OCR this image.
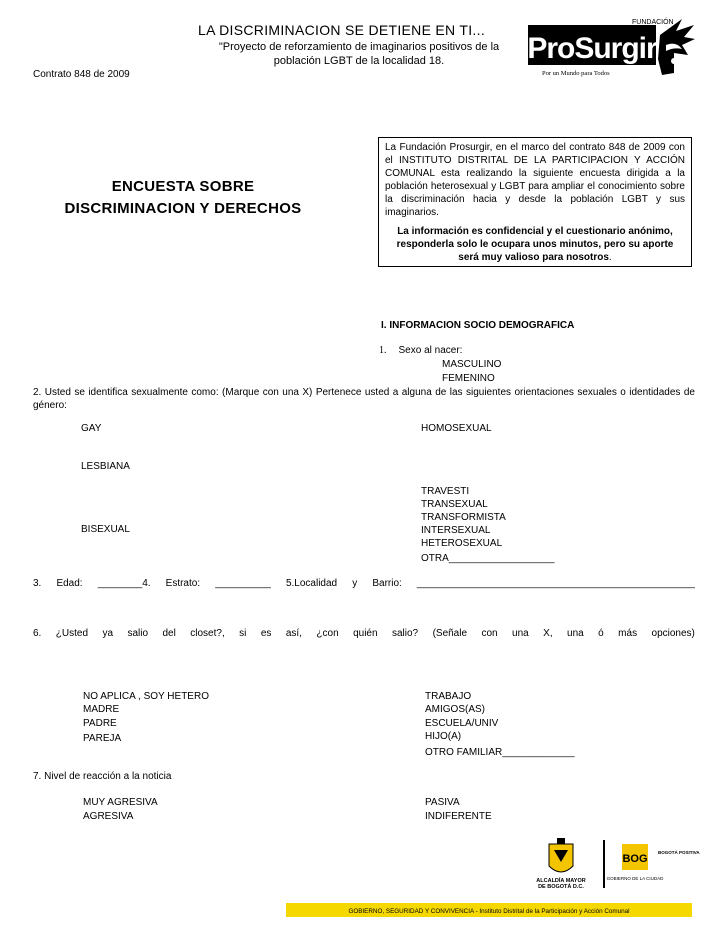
LA DISCRIMINACION SE DETIENE EN TI...
"Proyecto de reforzamiento de imaginarios positivos de la población LGBT de la localidad 18.
Contrato 848 de 2009
ProSurgir
FUNDACIÓN
Por un Mundo para Todos
ENCUESTA SOBRE
DISCRIMINACION Y DERECHOS
La Fundación Prosurgir, en el marco del contrato 848 de 2009 con el INSTITUTO DISTRITAL DE LA PARTICIPACION Y ACCIÓN COMUNAL esta realizando la siguiente encuesta dirigida a la población heterosexual y LGBT para ampliar el conocimiento sobre la discriminación hacia y desde la población LGBT y sus imaginarios.
La información es confidencial y el cuestionario anónimo, responderla solo le ocupara unos minutos, pero su aporte será muy valioso para nosotros.
I. INFORMACION SOCIO DEMOGRAFICA
1. Sexo al nacer:
MASCULINO
FEMENINO
2. Usted se identifica sexualmente como: (Marque con una X) Pertenece usted a alguna de las siguientes orientaciones sexuales o identidades de género:
GAY
LESBIANA
BISEXUAL
HOMOSEXUAL
TRAVESTI
TRANSEXUAL
TRANSFORMISTA
INTERSEXUAL
HETEROSEXUAL
OTRA___________________
3. Edad: ________4. Estrato: __________ 5.Localidad y Barrio: __________________________________________________
6. ¿Usted ya salio del closet?, si es así, ¿con quién salio? (Señale con una X, una ó más opciones)
NO APLICA , SOY HETERO
MADRE
PADRE
PAREJA
TRABAJO
AMIGOS(AS)
ESCUELA/UNIV
HIJO(A)
OTRO FAMILIAR_____________
7. Nivel de reacción a la noticia
MUY AGRESIVA
AGRESIVA
PASIVA
INDIFERENTE
ALCALDÍA MAYOR
DE BOGOTÁ D.C.
BOG
BOGOTÁ POSITIVA
GOBIERNO DE LA CIUDAD
GOBIERNO, SEGURIDAD Y CONVIVENCIA - Instituto Distrital de la Participación y Acción Comunal
